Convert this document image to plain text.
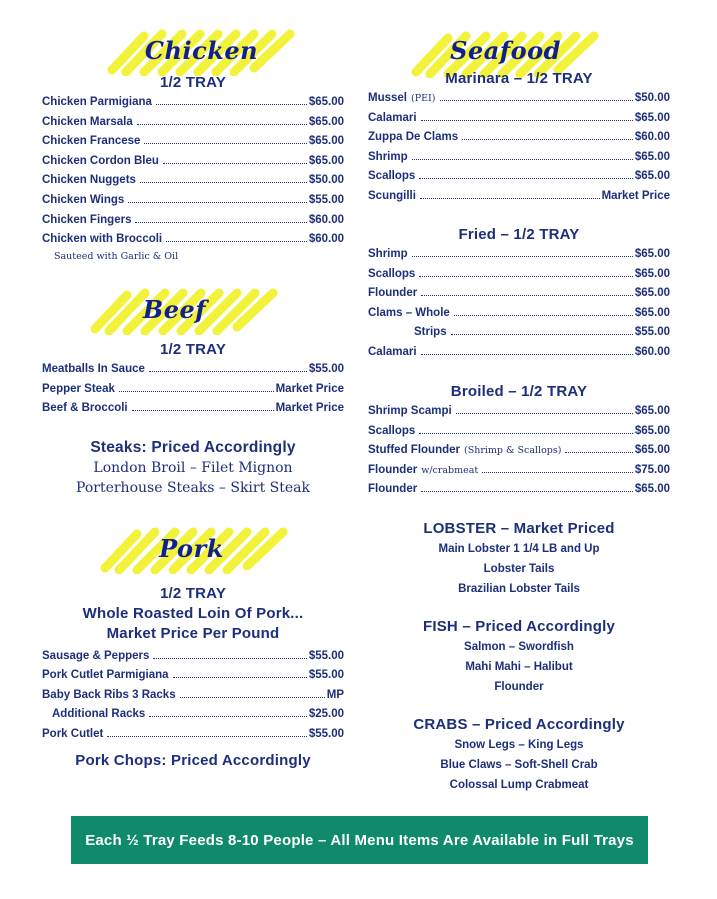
Chicken
1/2 TRAY
Chicken Parmigiana	$65.00
Chicken Marsala	$65.00
Chicken Francese	$65.00
Chicken Cordon Bleu	$65.00
Chicken Nuggets	$50.00
Chicken Wings	$55.00
Chicken Fingers	$60.00
Chicken with Broccoli	$60.00
Sauteed with Garlic & Oil
Beef
1/2 TRAY
Meatballs In Sauce	$55.00
Pepper Steak	Market Price
Beef & Broccoli	Market Price
Steaks: Priced Accordingly
London Broil – Filet Mignon
Porterhouse Steaks – Skirt Steak
Pork
1/2 TRAY
Whole Roasted Loin Of Pork...
Market Price Per Pound
Sausage & Peppers	$55.00
Pork Cutlet Parmigiana	$55.00
Baby Back Ribs 3 Racks	MP
Additional Racks	$25.00
Pork Cutlet	$55.00
Pork Chops: Priced Accordingly
Seafood
Marinara – 1/2 TRAY
Mussel (PEI)	$50.00
Calamari	$65.00
Zuppa De Clams	$60.00
Shrimp	$65.00
Scallops	$65.00
Scungilli	Market Price
Fried – 1/2 TRAY
Shrimp	$65.00
Scallops	$65.00
Flounder	$65.00
Clams – Whole	$65.00
Strips	$55.00
Calamari	$60.00
Broiled – 1/2 TRAY
Shrimp Scampi	$65.00
Scallops	$65.00
Stuffed Flounder (Shrimp & Scallops)	$65.00
Flounder w/crabmeat	$75.00
Flounder	$65.00
LOBSTER – Market Priced
Main Lobster 1 1/4 LB and Up
Lobster Tails
Brazilian Lobster Tails
FISH – Priced Accordingly
Salmon – Swordfish
Mahi Mahi – Halibut
Flounder
CRABS – Priced Accordingly
Snow Legs – King Legs
Blue Claws – Soft-Shell Crab
Colossal Lump Crabmeat
Each ½ Tray Feeds 8-10 People – All Menu Items Are Available in Full Trays
